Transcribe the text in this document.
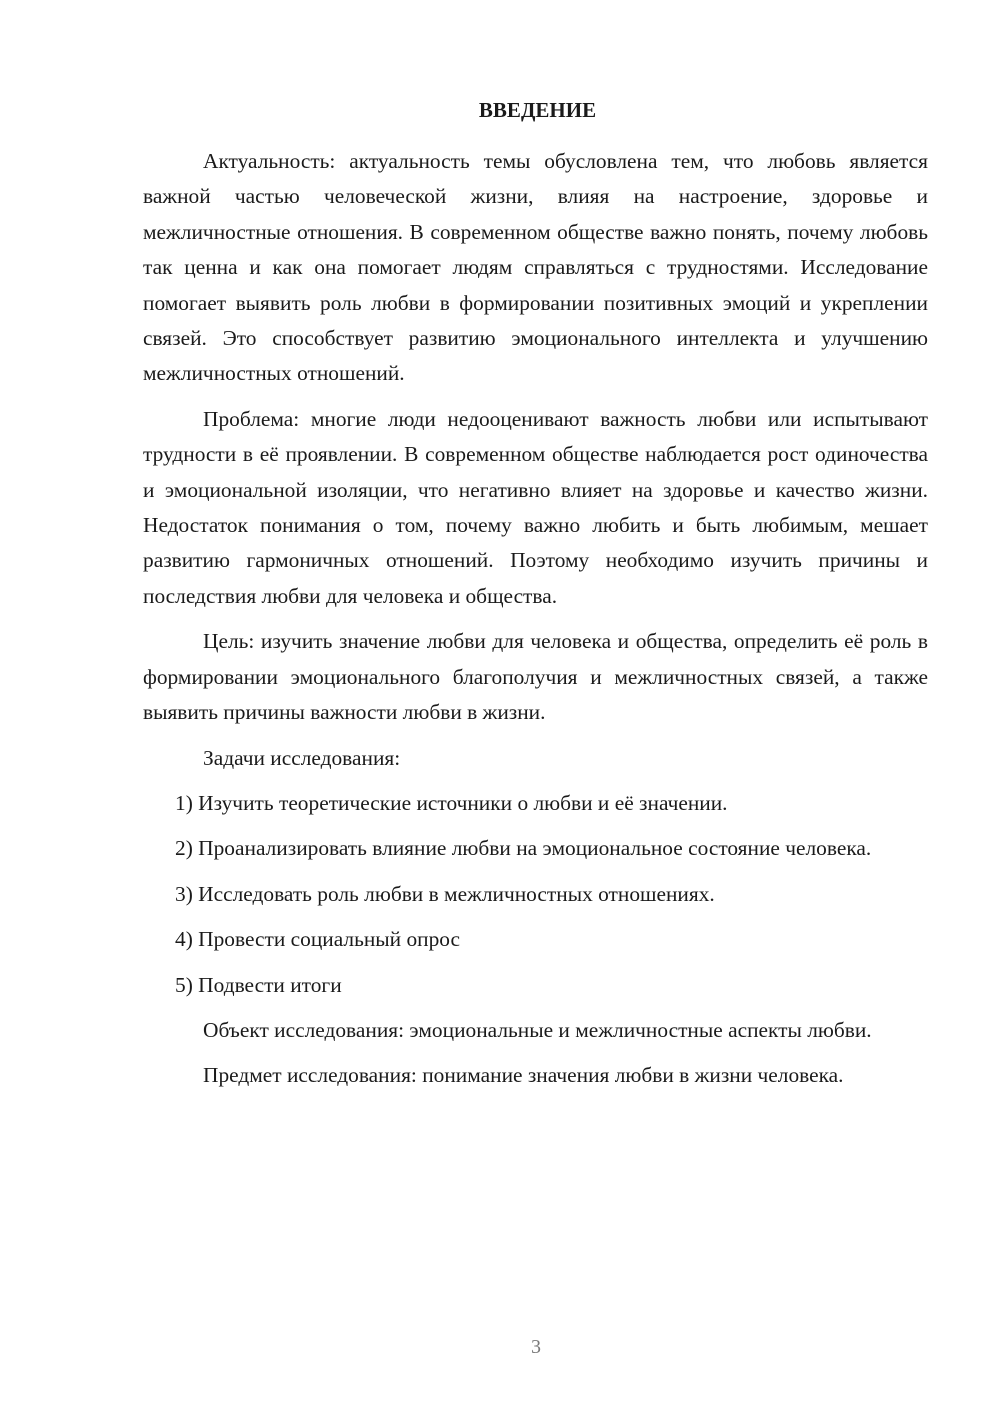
ВВЕДЕНИЕ

Актуальность: актуальность темы обусловлена тем, что любовь является важной частью человеческой жизни, влияя на настроение, здоровье и межличностные отношения. В современном обществе важно понять, почему любовь так ценна и как она помогает людям справляться с трудностями. Исследование помогает выявить роль любви в формировании позитивных эмоций и укреплении связей. Это способствует развитию эмоционального интеллекта и улучшению межличностных отношений.

Проблема: многие люди недооценивают важность любви или испытывают трудности в её проявлении. В современном обществе наблюдается рост одиночества и эмоциональной изоляции, что негативно влияет на здоровье и качество жизни. Недостаток понимания о том, почему важно любить и быть любимым, мешает развитию гармоничных отношений. Поэтому необходимо изучить причины и последствия любви для человека и общества.

Цель: изучить значение любви для человека и общества, определить её роль в формировании эмоционального благополучия и межличностных связей, а также выявить причины важности любви в жизни.

Задачи исследования:

1) Изучить теоретические источники о любви и её значении.

2) Проанализировать влияние любви на эмоциональное состояние человека.

3) Исследовать роль любви в межличностных отношениях.

4) Провести социальный опрос

5) Подвести итоги

Объект исследования: эмоциональные и межличностные аспекты любви.

Предмет исследования: понимание значения любви в жизни человека.

3
